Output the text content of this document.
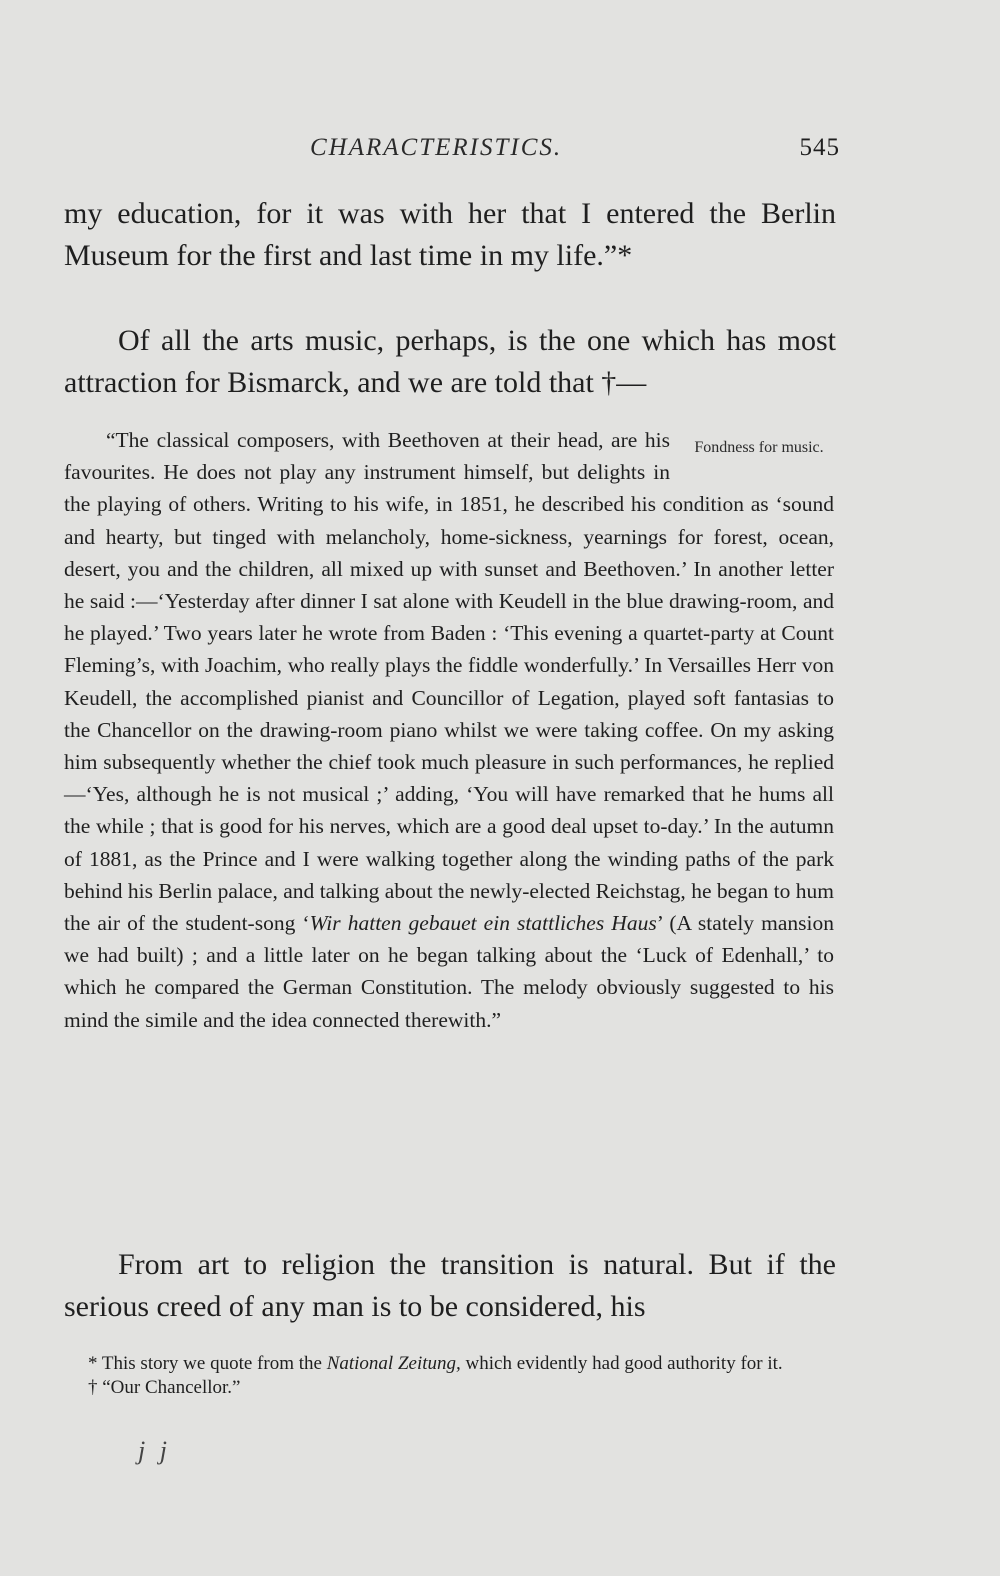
CHARACTERISTICS.	545
my education, for it was with her that I entered the Berlin Museum for the first and last time in my life.”*
Of all the arts music, perhaps, is the one which has most attraction for Bismarck, and we are told that †—
Fondness for music.
“The classical composers, with Beethoven at their head, are his favourites. He does not play any instrument himself, but delights in the playing of others. Writing to his wife, in 1851, he described his condition as ‘sound and hearty, but tinged with melancholy, home-sickness, yearnings for forest, ocean, desert, you and the children, all mixed up with sunset and Beethoven.’ In another letter he said :—‘Yesterday after dinner I sat alone with Keudell in the blue drawing-room, and he played.’ Two years later he wrote from Baden : ‘This evening a quartet-party at Count Fleming’s, with Joachim, who really plays the fiddle wonderfully.’ In Versailles Herr von Keudell, the accomplished pianist and Councillor of Legation, played soft fantasias to the Chancellor on the drawing-room piano whilst we were taking coffee. On my asking him subsequently whether the chief took much pleasure in such performances, he replied—‘Yes, although he is not musical ;’ adding, ‘You will have remarked that he hums all the while ; that is good for his nerves, which are a good deal upset to-day.’ In the autumn of 1881, as the Prince and I were walking together along the winding paths of the park behind his Berlin palace, and talking about the newly-elected Reichstag, he began to hum the air of the student-song ‘Wir hatten gebauet ein stattliches Haus’ (A stately mansion we had built) ; and a little later on he began talking about the ‘Luck of Edenhall,’ to which he compared the German Constitution. The melody obviously suggested to his mind the simile and the idea connected therewith.”
From art to religion the transition is natural. But if the serious creed of any man is to be considered, his

* This story we quote from the National Zeitung, which evidently had good authority for it.

† “Our Chancellor.”

j j
